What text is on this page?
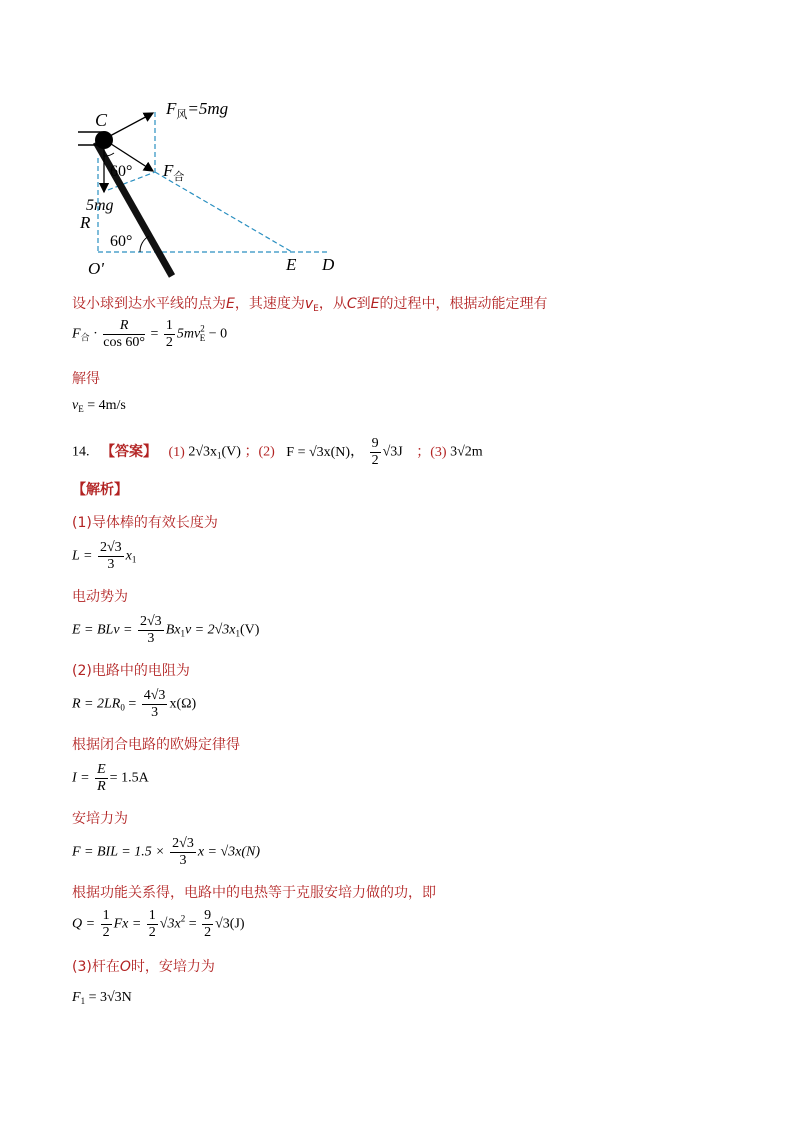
C
$F_风=5mg$
$F_合$
60°
5mg
R
60°
O'	E D
设小球到达水平线的点为E，其速度为$v_E$，从C到E的过程中，根据动能定理有
$F_合 \cdot \frac{R}{\cos 60^\circ} = \frac{1}{2} 5mv^2_E - 0$
解得
$v_E = 4m/s$
14. 【答案】 (1) $2√3x_1(V)$ ；(2) F = √3x(N)， $\frac{9}{2} √3J$ ；(3) 3√2m
【解析】
(1)导体棒的有效长度为
$L = \frac{2√3}{3} x_1$
电动势为
E = BLv = $\frac{2√3}{3} Bx_1v = 2√3x_1(V)$
(2)电路中的电阻为
$R = 2LR_0 = \frac{4√3}{3} x(\Omega)$
根据闭合电路的欧姆定律得
$I = \frac{E}{R} = 1.5A$
安培力为
F = BIL = $1.5 \times \frac{2√3}{3}$ x = √3x(N)
根据功能关系得，电路中的电热等于克服安培力做的功，即
$Q = \frac{1}{2}$ $Fx = \frac{1}{2} √3x^2 = \frac{9}{2} √3(J)$
(3)杆在O时，安培力为
$F_1 = 3√3N$
